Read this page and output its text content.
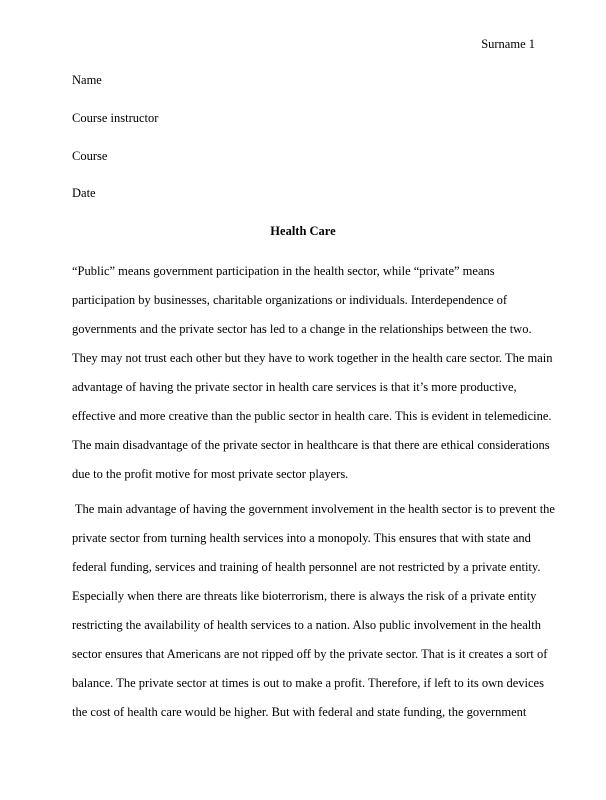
Surname 1
Name
Course instructor
Course
Date
Health Care
“Public” means government participation in the health sector, while “private” means
participation by businesses, charitable organizations or individuals. Interdependence of
governments and the private sector has led to a change in the relationships between the two.
They may not trust each other but they have to work together in the health care sector. The main
advantage of having the private sector in health care services is that it’s more productive,
effective and more creative than the public sector in health care. This is evident in telemedicine.
The main disadvantage of the private sector in healthcare is that there are ethical considerations
due to the profit motive for most private sector players.
The main advantage of having the government involvement in the health sector is to prevent the
private sector from turning health services into a monopoly. This ensures that with state and
federal funding, services and training of health personnel are not restricted by a private entity.
Especially when there are threats like bioterrorism, there is always the risk of a private entity
restricting the availability of health services to a nation. Also public involvement in the health
sector ensures that Americans are not ripped off by the private sector. That is it creates a sort of
balance. The private sector at times is out to make a profit. Therefore, if left to its own devices
the cost of health care would be higher. But with federal and state funding, the government
